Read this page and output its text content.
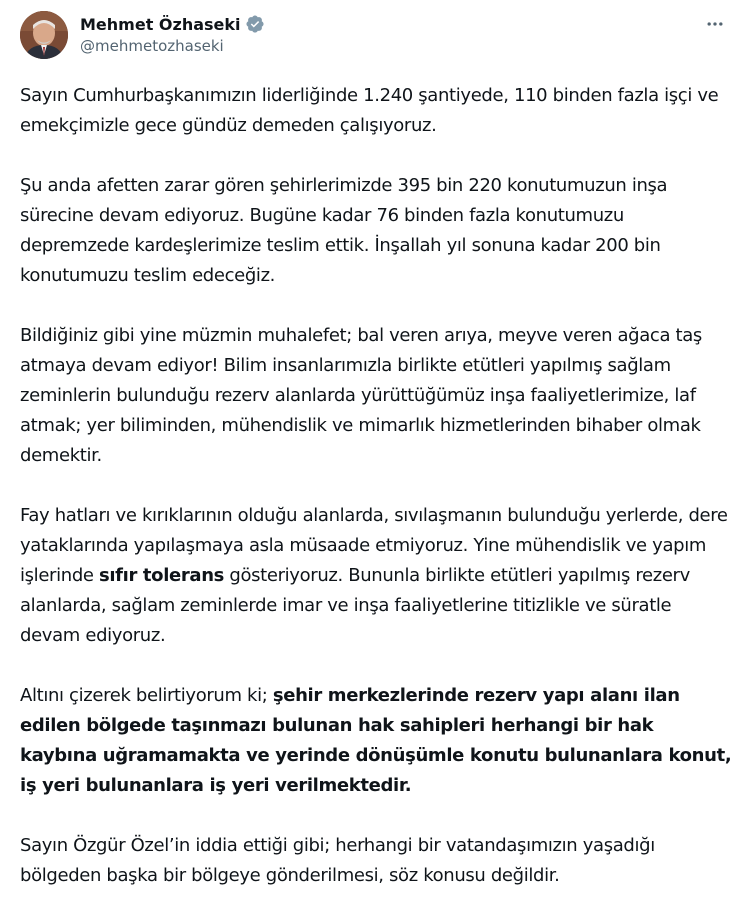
Mehmet Özhaseki
@mehmetozhaseki

Sayın Cumhurbaşkanımızın liderliğinde 1.240 şantiyede, 110 binden fazla işçi ve emekçimizle gece gündüz demeden çalışıyoruz.

Şu anda afetten zarar gören şehirlerimizde 395 bin 220 konutumuzun inşa sürecine devam ediyoruz. Bugüne kadar 76 binden fazla konutumuzu depremzede kardeşlerimize teslim ettik. İnşallah yıl sonuna kadar 200 bin konutumuzu teslim edeceğiz.

Bildiğiniz gibi yine müzmin muhalefet; bal veren arıya, meyve veren ağaca taş atmaya devam ediyor! Bilim insanlarımızla birlikte etütleri yapılmış sağlam zeminlerin bulunduğu rezerv alanlarda yürüttüğümüz inşa faaliyetlerimize, laf atmak; yer biliminden, mühendislik ve mimarlık hizmetlerinden bihaber olmak demektir.

Fay hatları ve kırıklarının olduğu alanlarda, sıvılaşmanın bulunduğu yerlerde, dere yataklarında yapılaşmaya asla müsaade etmiyoruz. Yine mühendislik ve yapım işlerinde sıfır tolerans gösteriyoruz. Bununla birlikte etütleri yapılmış rezerv alanlarda, sağlam zeminlerde imar ve inşa faaliyetlerine titizlikle ve süratle devam ediyoruz.

Altını çizerek belirtiyorum ki; şehir merkezlerinde rezerv yapı alanı ilan edilen bölgede taşınmazı bulunan hak sahipleri herhangi bir hak kaybına uğramamakta ve yerinde dönüşümle konutu bulunanlara konut, iş yeri bulunanlara iş yeri verilmektedir.

Sayın Özgür Özel’in iddia ettiği gibi; herhangi bir vatandaşımızın yaşadığı bölgeden başka bir bölgeye gönderilmesi, söz konusu değildir.
